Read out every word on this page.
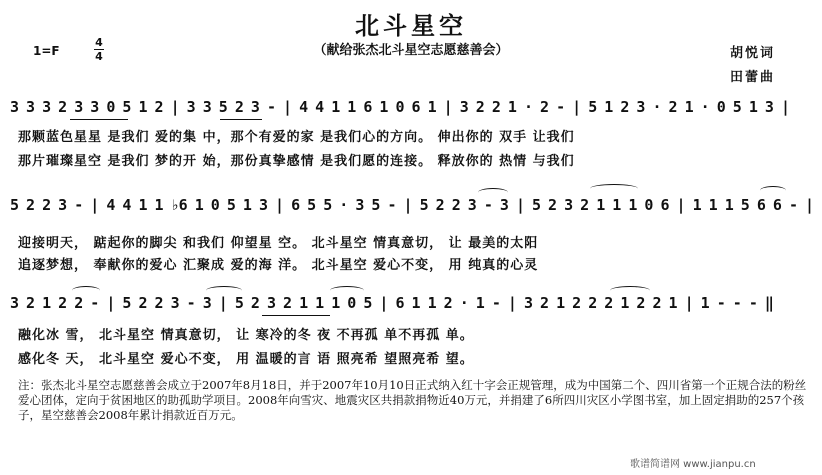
北斗星空
（献给张杰北斗星空志愿慈善会）
1=F
4
4	胡悦词
田蕾曲
3 3 3 2 3 3 0 5 1 2 | 3 3 5 2 3 - | 4 4 1 1 6 1 0 6 1 | 3 2 2 1 · 2 - | 5 1 2 3 · 2 1 · 0 5 1 3 |
那颗蓝色星星 是我们 爱的集 中，那个有爱的家 是我们心的方向。 伸出你的 双手 让我们
那片璀璨星空 是我们 梦的开 始，那份真挚感情 是我们愿的连接。 释放你的 热情 与我们
5 2 2 3 - | 4 4 1 1 ♭6 1 0 5 1 3 | 6 5 5 · 3 5 - | 5 2 2 3 - 3 | 5 2 3 2 1 1 1 0 6 | 1 1 1 5 6 6 - |
迎接明天， 踮起你的脚尖 和我们 仰望星 空。 北斗星空 情真意切， 让 最美的太阳
追逐梦想， 奉献你的爱心 汇聚成 爱的海 洋。 北斗星空 爱心不变， 用 纯真的心灵
3 2 1 2 2 - | 5 2 2 3 - 3 | 5 2 3 2 1 1 1 0 5 | 6 1 1 2 · 1 - | 3 2 1 2 2 2 1 2 2 1 | 1 - - - ‖
融化冰 雪， 北斗星空 情真意切， 让 寒冷的冬 夜 不再孤 单不再孤 单。
感化冬 天， 北斗星空 爱心不变， 用 温暖的言 语 照亮希 望照亮希 望。
注：张杰北斗星空志愿慈善会成立于2007年8月18日，并于2007年10月10日正式纳入红十字会正规管理，成为中国第二个、四川省第一个正规合法的粉丝爱心团体，定向于贫困地区的助孤助学项目。2008年向雪灾、地震灾区共捐款捐物近40万元，并捐建了6所四川灾区小学图书室，加上固定捐助的257个孩子，星空慈善会2008年累计捐款近百万元。
歌谱简谱网 www.jianpu.cn
